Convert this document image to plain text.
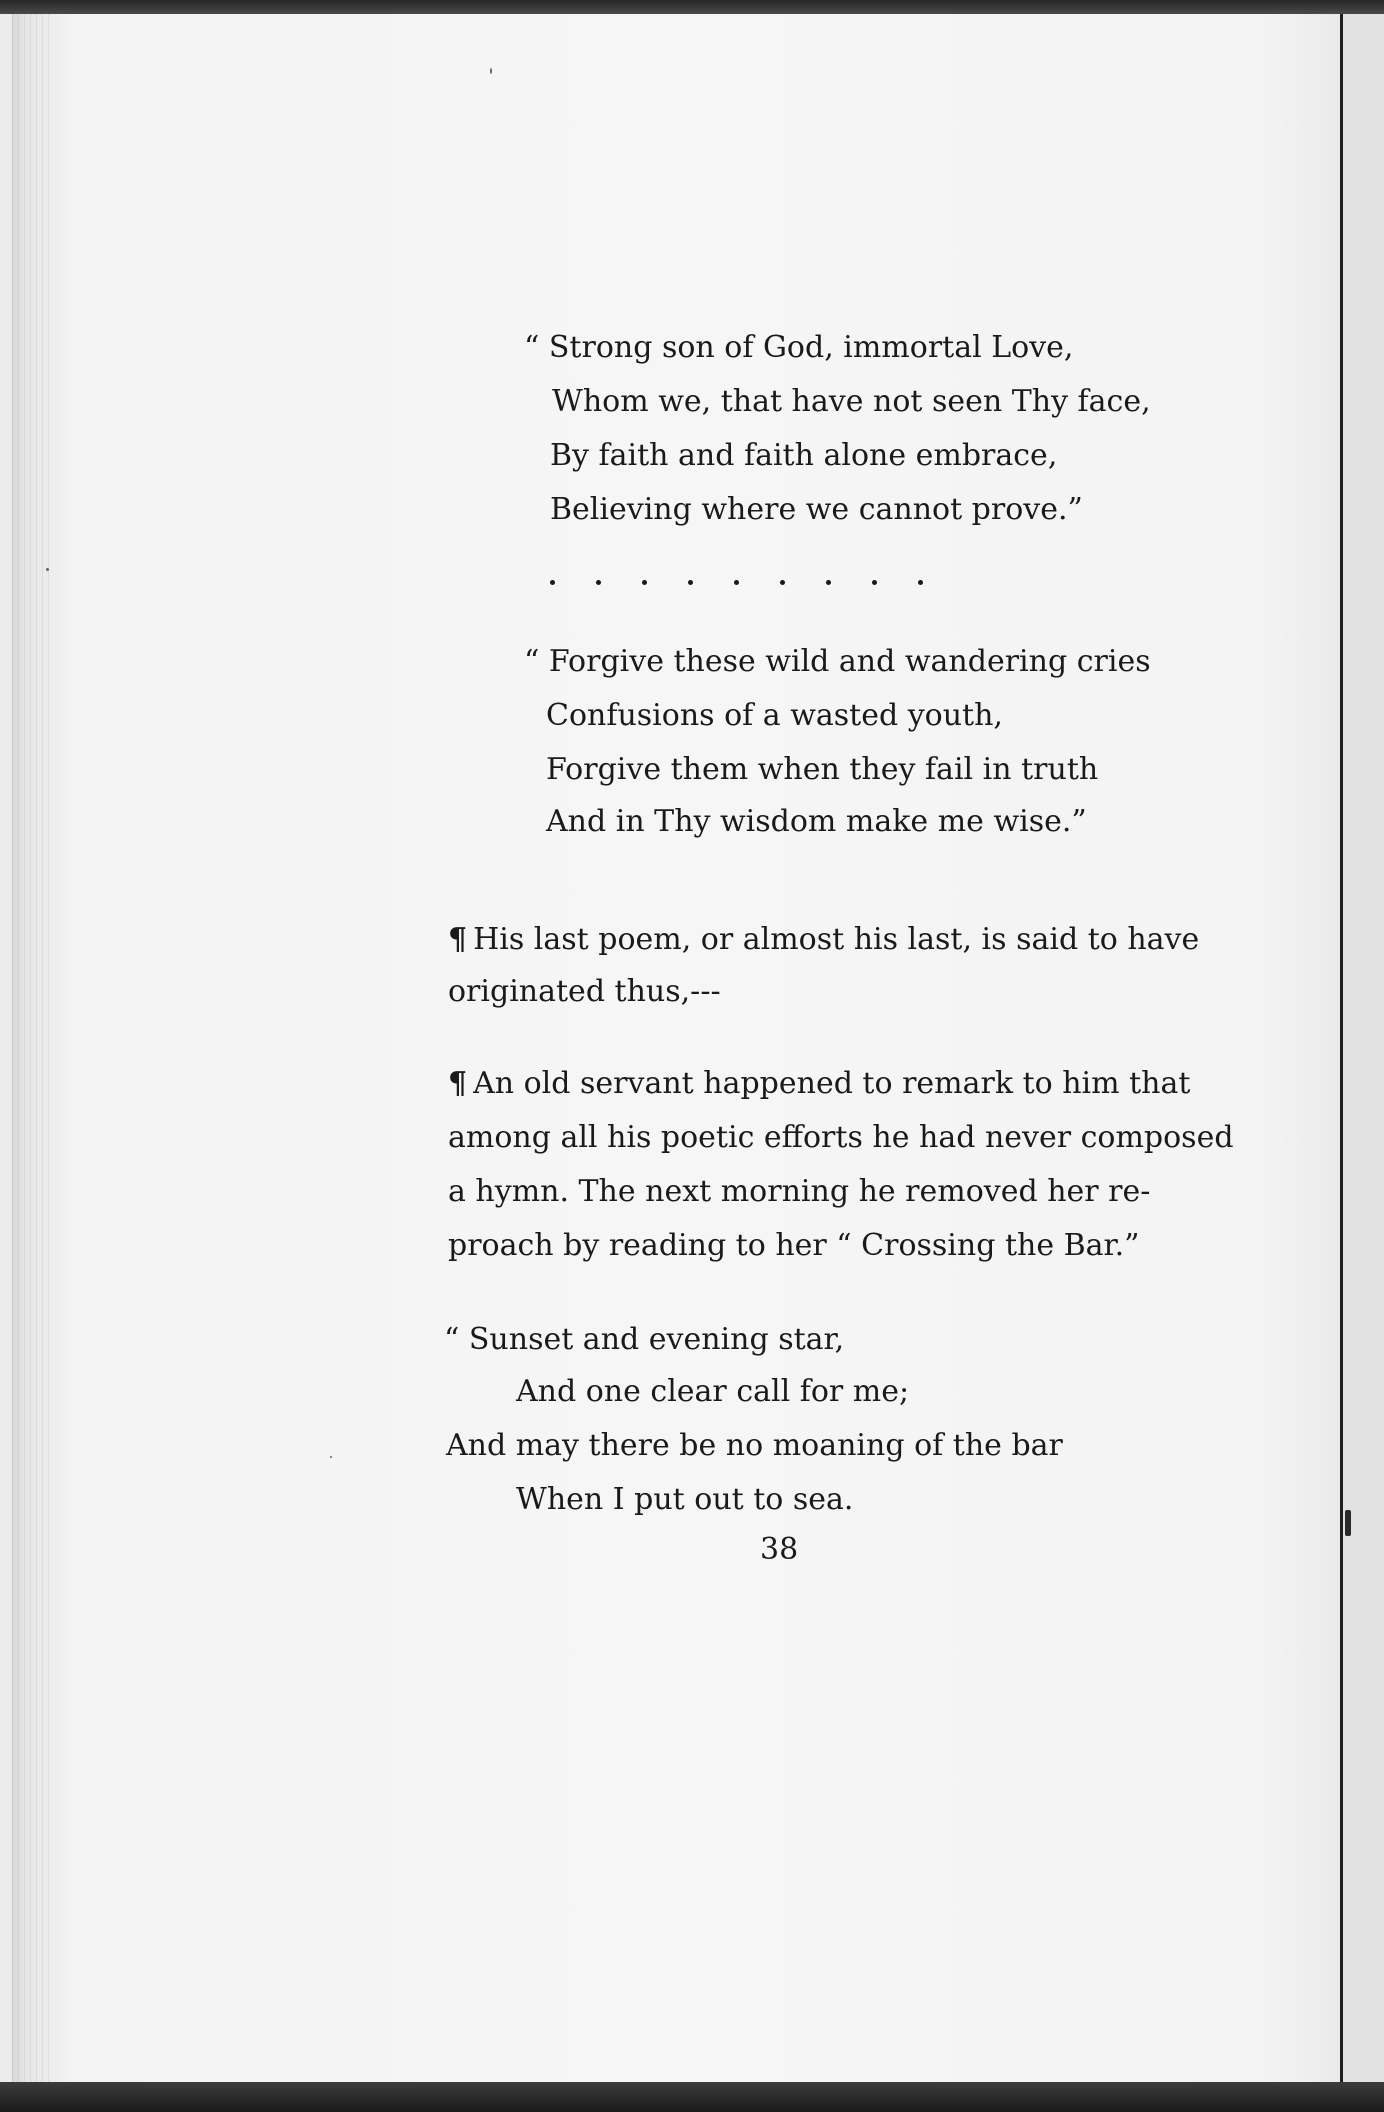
“ Strong son of God, immortal Love,
Whom we, that have not seen Thy face,
By faith and faith alone embrace,
Believing where we cannot prove.”
“ Forgive these wild and wandering cries
Confusions of a wasted youth,
Forgive them when they fail in truth
And in Thy wisdom make me wise.”
¶ His last poem, or almost his last, is said to have
originated thus,---
¶ An old servant happened to remark to him that
among all his poetic efforts he had never composed
a hymn. The next morning he removed her re-
proach by reading to her “ Crossing the Bar.”
“ Sunset and evening star,
And one clear call for me;
And may there be no moaning of the bar
When I put out to sea.
38
